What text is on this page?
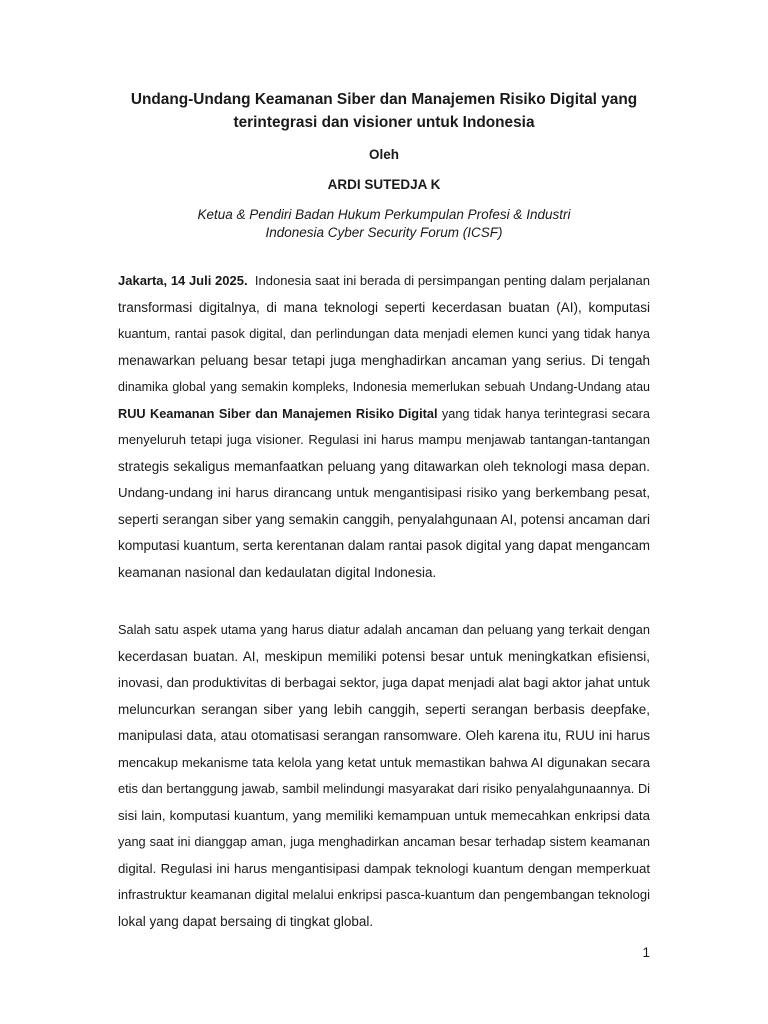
Undang-Undang Keamanan Siber dan Manajemen Risiko Digital yang
terintegrasi dan visioner untuk Indonesia
Oleh
ARDI SUTEDJA K
Ketua & Pendiri Badan Hukum Perkumpulan Profesi & Industri
Indonesia Cyber Security Forum (ICSF)
Jakarta, 14 Juli 2025.  Indonesia saat ini berada di persimpangan penting dalam perjalanan
transformasi digitalnya, di mana teknologi seperti kecerdasan buatan (AI), komputasi
kuantum, rantai pasok digital, dan perlindungan data menjadi elemen kunci yang tidak hanya
menawarkan peluang besar tetapi juga menghadirkan ancaman yang serius. Di tengah
dinamika global yang semakin kompleks, Indonesia memerlukan sebuah Undang-Undang atau
RUU Keamanan Siber dan Manajemen Risiko Digital yang tidak hanya terintegrasi secara
menyeluruh tetapi juga visioner. Regulasi ini harus mampu menjawab tantangan-tantangan
strategis sekaligus memanfaatkan peluang yang ditawarkan oleh teknologi masa depan.
Undang-undang ini harus dirancang untuk mengantisipasi risiko yang berkembang pesat,
seperti serangan siber yang semakin canggih, penyalahgunaan AI, potensi ancaman dari
komputasi kuantum, serta kerentanan dalam rantai pasok digital yang dapat mengancam
keamanan nasional dan kedaulatan digital Indonesia.
Salah satu aspek utama yang harus diatur adalah ancaman dan peluang yang terkait dengan
kecerdasan buatan. AI, meskipun memiliki potensi besar untuk meningkatkan efisiensi,
inovasi, dan produktivitas di berbagai sektor, juga dapat menjadi alat bagi aktor jahat untuk
meluncurkan serangan siber yang lebih canggih, seperti serangan berbasis deepfake,
manipulasi data, atau otomatisasi serangan ransomware. Oleh karena itu, RUU ini harus
mencakup mekanisme tata kelola yang ketat untuk memastikan bahwa AI digunakan secara
etis dan bertanggung jawab, sambil melindungi masyarakat dari risiko penyalahgunaannya. Di
sisi lain, komputasi kuantum, yang memiliki kemampuan untuk memecahkan enkripsi data
yang saat ini dianggap aman, juga menghadirkan ancaman besar terhadap sistem keamanan
digital. Regulasi ini harus mengantisipasi dampak teknologi kuantum dengan memperkuat
infrastruktur keamanan digital melalui enkripsi pasca-kuantum dan pengembangan teknologi
lokal yang dapat bersaing di tingkat global.
1
